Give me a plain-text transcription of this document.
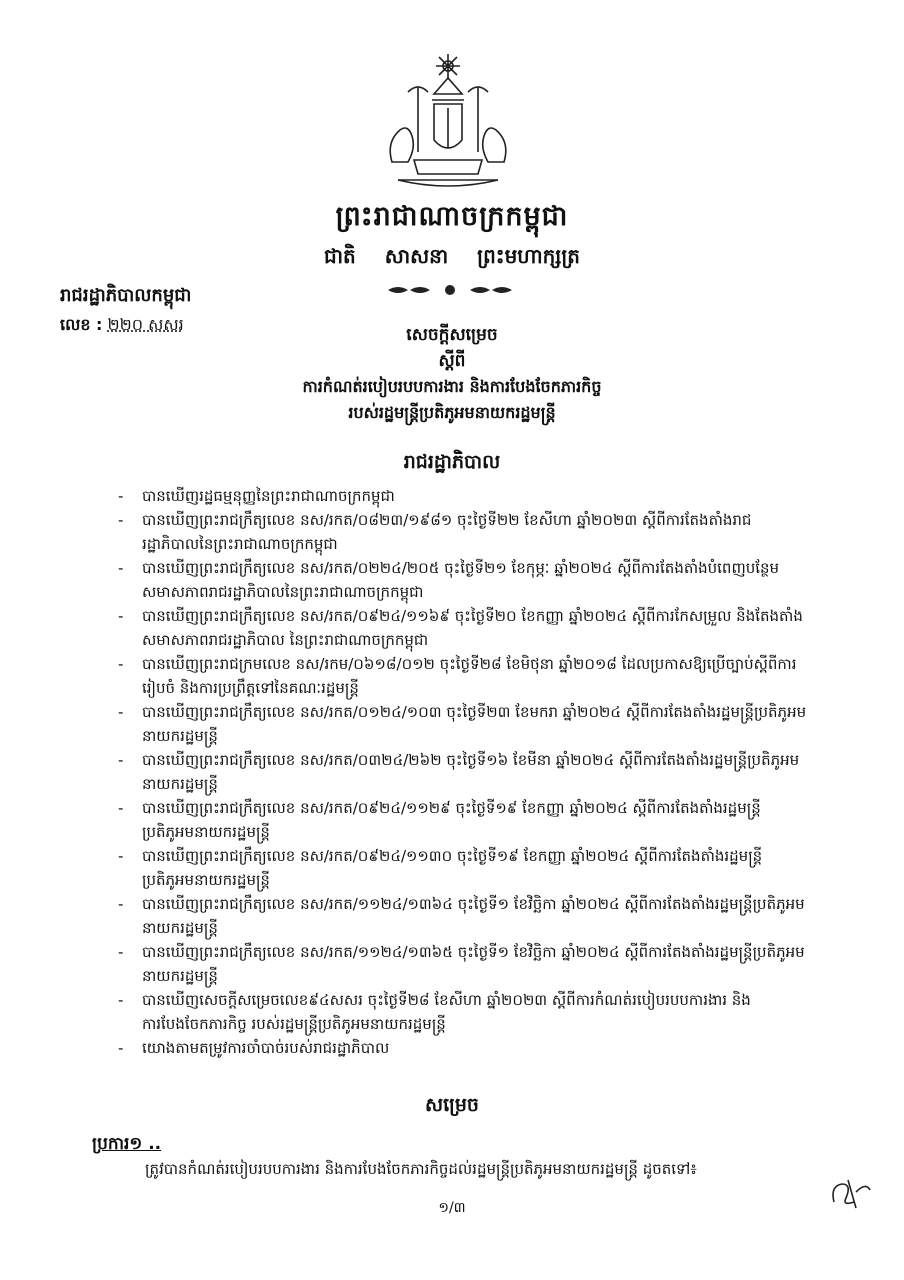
ព្រះរាជាណាចក្រកម្ពុជា
ជាតិ សាសនា ព្រះមហាក្សត្រ
រាជរដ្ឋាភិបាលកម្ពុជា
លេខ : ២២០ សសរ
សេចក្តីសម្រេច
ស្តីពី
ការកំណត់របៀបរបបការងារ និងការបែងចែកភារកិច្ច
របស់រដ្ឋមន្ត្រីប្រតិភូអមនាយករដ្ឋមន្ត្រី
រាជរដ្ឋាភិបាល
- បានឃើញរដ្ឋធម្មនុញ្ញនៃព្រះរាជាណាចក្រកម្ពុជា
- បានឃើញព្រះរាជក្រឹត្យលេខ នស/រកត/០៨២៣/១៩៨១ ចុះថ្ងៃទី២២ ខែសីហា ឆ្នាំ២០២៣ ស្តីពីការតែងតាំងរាជរដ្ឋាភិបាលនៃព្រះរាជាណាចក្រកម្ពុជា
- បានឃើញព្រះរាជក្រឹត្យលេខ នស/រកត/០២២៤/២០៥ ចុះថ្ងៃទី២១ ខែកុម្ភៈ ឆ្នាំ២០២៤ ស្តីពីការតែងតាំងបំពេញបន្ថែមសមាសភាពរាជរដ្ឋាភិបាលនៃព្រះរាជាណាចក្រកម្ពុជា
- បានឃើញព្រះរាជក្រឹត្យលេខ នស/រកត/០៩២៤/១១៦៩ ចុះថ្ងៃទី២០ ខែកញ្ញា ឆ្នាំ២០២៤ ស្តីពីការកែសម្រួល និងតែងតាំងសមាសភាពរាជរដ្ឋាភិបាល នៃព្រះរាជាណាចក្រកម្ពុជា
- បានឃើញព្រះរាជក្រមលេខ នស/រកម/០៦១៨/០១២ ចុះថ្ងៃទី២៨ ខែមិថុនា ឆ្នាំ២០១៨ ដែលប្រកាសឱ្យប្រើច្បាប់ស្តីពីការរៀបចំ និងការប្រព្រឹត្តទៅនៃគណៈរដ្ឋមន្ត្រី
- បានឃើញព្រះរាជក្រឹត្យលេខ នស/រកត/០១២៤/១០៣ ចុះថ្ងៃទី២៣ ខែមករា ឆ្នាំ២០២៤ ស្តីពីការតែងតាំងរដ្ឋមន្ត្រីប្រតិភូអមនាយករដ្ឋមន្ត្រី
- បានឃើញព្រះរាជក្រឹត្យលេខ នស/រកត/០៣២៤/២៦២ ចុះថ្ងៃទី១៦ ខែមីនា ឆ្នាំ២០២៤ ស្តីពីការតែងតាំងរដ្ឋមន្ត្រីប្រតិភូអមនាយករដ្ឋមន្ត្រី
- បានឃើញព្រះរាជក្រឹត្យលេខ នស/រកត/០៩២៤/១១២៩ ចុះថ្ងៃទី១៩ ខែកញ្ញា ឆ្នាំ២០២៤ ស្តីពីការតែងតាំងរដ្ឋមន្ត្រីប្រតិភូអមនាយករដ្ឋមន្ត្រី
- បានឃើញព្រះរាជក្រឹត្យលេខ នស/រកត/០៩២៤/១១៣០ ចុះថ្ងៃទី១៩ ខែកញ្ញា ឆ្នាំ២០២៤ ស្តីពីការតែងតាំងរដ្ឋមន្ត្រីប្រតិភូអមនាយករដ្ឋមន្ត្រី
- បានឃើញព្រះរាជក្រឹត្យលេខ នស/រកត/១១២៤/១៣៦៤ ចុះថ្ងៃទី១ ខែវិច្ឆិកា ឆ្នាំ២០២៤ ស្តីពីការតែងតាំងរដ្ឋមន្ត្រីប្រតិភូអមនាយករដ្ឋមន្ត្រី
- បានឃើញព្រះរាជក្រឹត្យលេខ នស/រកត/១១២៤/១៣៦៥ ចុះថ្ងៃទី១ ខែវិច្ឆិកា ឆ្នាំ២០២៤ ស្តីពីការតែងតាំងរដ្ឋមន្ត្រីប្រតិភូអមនាយករដ្ឋមន្ត្រី
- បានឃើញសេចក្តីសម្រេចលេខ៩៤សសរ ចុះថ្ងៃទី២៨ ខែសីហា ឆ្នាំ២០២៣ ស្តីពីការកំណត់របៀបរបបការងារ និងការបែងចែកភារកិច្ច របស់រដ្ឋមន្ត្រីប្រតិភូអមនាយករដ្ឋមន្ត្រី
- យោងតាមតម្រូវការចាំបាច់របស់រាជរដ្ឋាភិបាល
សម្រេច
ប្រការ១ ..
ត្រូវបានកំណត់របៀបរបបការងារ និងការបែងចែកភារកិច្ចដល់រដ្ឋមន្ត្រីប្រតិភូអមនាយករដ្ឋមន្ត្រី ដូចតទៅ៖
១/៣
